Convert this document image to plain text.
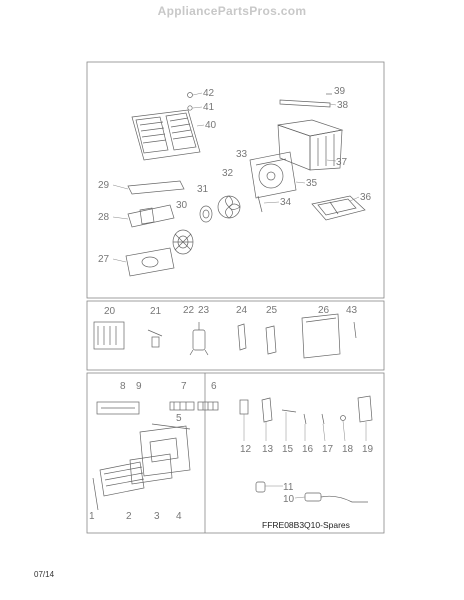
AppliancePartsPros.com
42
41
40
39
38
37
33
32
35
31
36
34
29
30
28
27
20	21 22 23	24 25	26 43
8 9	7 6
1	2 3 4
5
12 13 15 16 17 18 19
11
10
FFRE08B3Q10-Spares
07/14
